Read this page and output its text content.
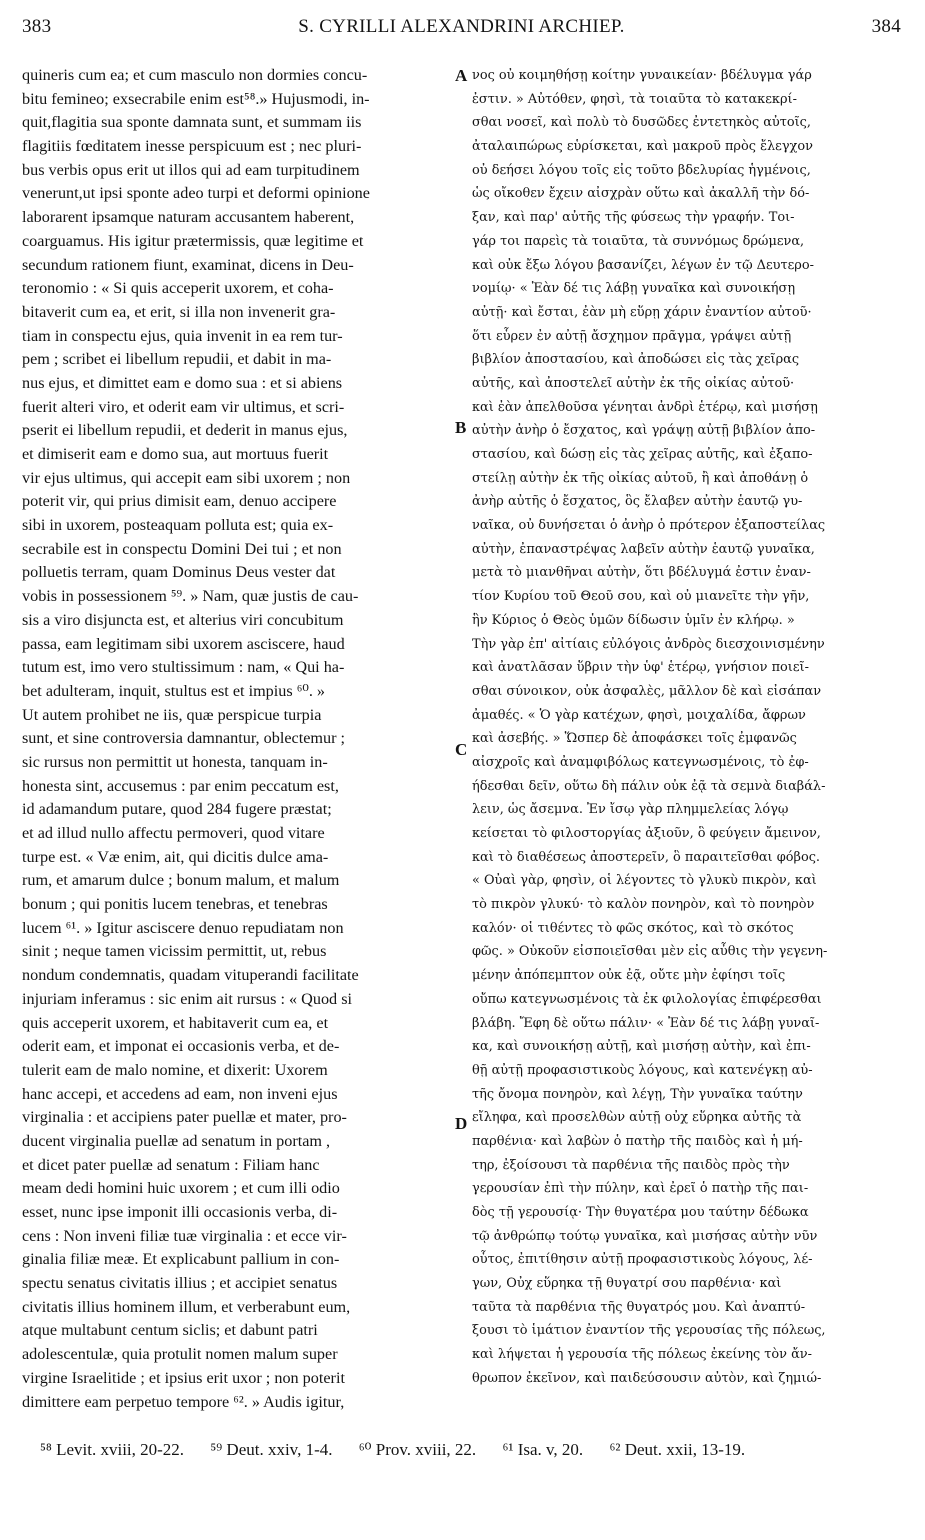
383	S. CYRILLI ALEXANDRINI ARCHIEP.	384
quineris cum ea; et cum masculo non dormies concu-
bitu femineo; exsecrabile enim est⁵⁸.» Hujusmodi, in-
quit,flagitia sua sponte damnata sunt, et summam iis
flagitiis fœditatem inesse perspicuum est ; nec pluri-
bus verbis opus erit ut illos qui ad eam turpitudinem
venerunt,ut ipsi sponte adeo turpi et deformi opinione
laborarent ipsamque naturam accusantem haberent,
coarguamus. His igitur prætermissis, quæ legitime et
secundum rationem fiunt, examinat, dicens in Deu-
teronomio : « Si quis acceperit uxorem, et coha-
bitaverit cum ea, et erit, si illa non invenerit gra-
tiam in conspectu ejus, quia invenit in ea rem tur-
pem ; scribet ei libellum repudii, et dabit in ma-
nus ejus, et dimittet eam e domo sua : et si abiens
fuerit alteri viro, et oderit eam vir ultimus, et scri-
pserit ei libellum repudii, et dederit in manus ejus,
et dimiserit eam e domo sua, aut mortuus fuerit
vir ejus ultimus, qui accepit eam sibi uxorem ; non
poterit vir, qui prius dimisit eam, denuo accipere
sibi in uxorem, posteaquam polluta est; quia ex-
secrabile est in conspectu Domini Dei tui ; et non
polluetis terram, quam Dominus Deus vester dat
vobis in possessionem ⁵⁹. » Nam, quæ justis de cau-
sis a viro disjuncta est, et alterius viri concubitum
passa, eam legitimam sibi uxorem asciscere, haud
tutum est, imo vero stultissimum : nam, « Qui ha-
bet adulteram, inquit, stultus est et impius ⁶⁰. »
Ut autem prohibet ne iis, quæ perspicue turpia
sunt, et sine controversia damnantur, oblectemur ;
sic rursus non permittit ut honesta, tanquam in-
honesta sint, accusemus : par enim peccatum est,
id adamandum putare, quod 284 fugere præstat;
et ad illud nullo affectu permoveri, quod vitare
turpe est. « Væ enim, ait, qui dicitis dulce ama-
rum, et amarum dulce ; bonum malum, et malum
bonum ; qui ponitis lucem tenebras, et tenebras
lucem ⁶¹. » Igitur asciscere denuo repudiatam non
sinit ; neque tamen vicissim permittit, ut, rebus
nondum condemnatis, quadam vituperandi facilitate
injuriam inferamus : sic enim ait rursus : « Quod si
quis acceperit uxorem, et habitaverit cum ea, et
oderit eam, et imponat ei occasionis verba, et de-
tulerit eam de malo nomine, et dixerit: Uxorem
hanc accepi, et accedens ad eam, non inveni ejus
virginalia : et accipiens pater puellæ et mater, pro-
ducent virginalia puellæ ad senatum in portam ,
et dicet pater puellæ ad senatum : Filiam hanc
meam dedi homini huic uxorem ; et cum illi odio
esset, nunc ipse imponit illi occasionis verba, di-
cens : Non inveni filiæ tuæ virginalia : et ecce vir-
ginalia filiæ meæ. Et explicabunt pallium in con-
spectu senatus civitatis illius ; et accipiet senatus
civitatis illius hominem illum, et verberabunt eum,
atque multabunt centum siclis; et dabunt patri
adolescentulæ, quia protulit nomen malum super
virgine Israelitide ; et ipsius erit uxor ; non poterit
dimittere eam perpetuo tempore ⁶². » Audis igitur,
νος οὐ κοιμηθήσῃ κοίτην γυναικείαν· βδέλυγμα γάρ
ἐστιν. » Αὐτόθεν, φησὶ, τὰ τοιαῦτα τὸ κατακεκρί-
σθαι νοσεῖ, καὶ πολὺ τὸ δυσῶδες ἐντετηκὸς αὐτοῖς,
ἀταλαιπώρως εὑρίσκεται, καὶ μακροῦ πρὸς ἔλεγχον
οὐ δεήσει λόγου τοῖς εἰς τοῦτο βδελυρίας ἡγμένοις,
ὡς οἴκοθεν ἔχειν αἰσχρὰν οὕτω καὶ ἀκαλλῆ τὴν δό-
ξαν, καὶ παρ' αὐτῆς τῆς φύσεως τὴν γραφήν. Τοι-
γάρ τοι παρεὶς τὰ τοιαῦτα, τὰ συννόμως δρώμενα,
καὶ οὐκ ἔξω λόγου βασανίζει, λέγων ἐν τῷ Δευτερο-
νομίῳ· « Ἐὰν δέ τις λάβῃ γυναῖκα καὶ συνοικήσῃ
αὐτῇ· καὶ ἔσται, ἐὰν μὴ εὕρῃ χάριν ἐναντίον αὐτοῦ·
ὅτι εὗρεν ἐν αὐτῇ ἄσχημον πρᾶγμα, γράψει αὐτῇ
βιβλίον ἀποστασίου, καὶ ἀποδώσει εἰς τὰς χεῖρας
αὐτῆς, καὶ ἀποστελεῖ αὐτὴν ἐκ τῆς οἰκίας αὐτοῦ·
καὶ ἐὰν ἀπελθοῦσα γένηται ἀνδρὶ ἑτέρῳ, καὶ μισήσῃ
αὐτὴν ἀνὴρ ὁ ἔσχατος, καὶ γράψῃ αὐτῇ βιβλίον ἀπο-
στασίου, καὶ δώσῃ εἰς τὰς χεῖρας αὐτῆς, καὶ ἐξαπο-
στείλῃ αὐτὴν ἐκ τῆς οἰκίας αὐτοῦ, ἢ καὶ ἀποθάνῃ ὁ
ἀνὴρ αὐτῆς ὁ ἔσχατος, ὃς ἔλαβεν αὐτὴν ἑαυτῷ γυ-
ναῖκα, οὐ δυνήσεται ὁ ἀνὴρ ὁ πρότερον ἐξαποστείλας
αὐτὴν, ἐπαναστρέψας λαβεῖν αὐτὴν ἑαυτῷ γυναῖκα,
μετὰ τὸ μιανθῆναι αὐτὴν, ὅτι βδέλυγμά ἐστιν ἐναν-
τίον Κυρίου τοῦ Θεοῦ σου, καὶ οὐ μιανεῖτε τὴν γῆν,
ἣν Κύριος ὁ Θεὸς ὑμῶν δίδωσιν ὑμῖν ἐν κλήρῳ. »
Τὴν γὰρ ἐπ' αἰτίαις εὐλόγοις ἀνδρὸς διεσχοινισμένην
καὶ ἀνατλᾶσαν ὕβριν τὴν ὑφ' ἑτέρῳ, γνήσιον ποιεῖ-
σθαι σύνοικον, οὐκ ἀσφαλὲς, μᾶλλον δὲ καὶ εἰσάπαν
ἀμαθές. « Ὁ γὰρ κατέχων, φησὶ, μοιχαλίδα, ἄφρων
καὶ ἀσεβής. » Ὥσπερ δὲ ἀποφάσκει τοῖς ἐμφανῶς
αἰσχροῖς καὶ ἀναμφιβόλως κατεγνωσμένοις, τὸ ἐφ-
ήδεσθαι δεῖν, οὕτω δὴ πάλιν οὐκ ἐᾷ τὰ σεμνὰ διαβάλ-
λειν, ὡς ἄσεμνα. Ἐν ἴσῳ γὰρ πλημμελείας λόγῳ
κείσεται τὸ φιλοστοργίας ἀξιοῦν, ὃ φεύγειν ἄμεινον,
καὶ τὸ διαθέσεως ἀποστερεῖν, ὃ παραιτεῖσθαι φόβος.
« Οὐαὶ γὰρ, φησὶν, οἱ λέγοντες τὸ γλυκὺ πικρὸν, καὶ
τὸ πικρὸν γλυκύ· τὸ καλὸν πονηρὸν, καὶ τὸ πονηρὸν
καλόν· οἱ τιθέντες τὸ φῶς σκότος, καὶ τὸ σκότος
φῶς. » Οὐκοῦν εἰσποιεῖσθαι μὲν εἰς αὖθις τὴν γεγενη-
μένην ἀπόπεμπτον οὐκ ἐᾷ, οὔτε μὴν ἐφίησι τοῖς
οὔπω κατεγνωσμένοις τὰ ἐκ φιλολογίας ἐπιφέρεσθαι
βλάβη. Ἔφη δὲ οὕτω πάλιν· « Ἐὰν δέ τις λάβῃ γυναῖ-
κα, καὶ συνοικήσῃ αὐτῇ, καὶ μισήσῃ αὐτὴν, καὶ ἐπι-
θῇ αὐτῇ προφασιστικοὺς λόγους, καὶ κατενέγκῃ αὐ-
τῆς ὄνομα πονηρὸν, καὶ λέγῃ, Τὴν γυναῖκα ταύτην
εἴληφα, καὶ προσελθὼν αὐτῇ οὐχ εὕρηκα αὐτῆς τὰ
παρθένια· καὶ λαβὼν ὁ πατὴρ τῆς παιδὸς καὶ ἡ μή-
τηρ, ἐξοίσουσι τὰ παρθένια τῆς παιδὸς πρὸς τὴν
γερουσίαν ἐπὶ τὴν πύλην, καὶ ἐρεῖ ὁ πατὴρ τῆς παι-
δὸς τῇ γερουσίᾳ· Τὴν θυγατέρα μου ταύτην δέδωκα
τῷ ἀνθρώπῳ τούτῳ γυναῖκα, καὶ μισήσας αὐτὴν νῦν
οὗτος, ἐπιτίθησιν αὐτῇ προφασιστικοὺς λόγους, λέ-
γων, Οὐχ εὕρηκα τῇ θυγατρί σου παρθένια· καὶ
ταῦτα τὰ παρθένια τῆς θυγατρός μου. Καὶ ἀναπτύ-
ξουσι τὸ ἱμάτιον ἐναντίον τῆς γερουσίας τῆς πόλεως,
καὶ λήψεται ἡ γερουσία τῆς πόλεως ἐκείνης τὸν ἄν-
θρωπον ἐκεῖνον, καὶ παιδεύσουσιν αὐτὸν, καὶ ζημιώ-
A
B
C
D
⁵⁸ Levit. xviii, 20-22. ⁵⁹ Deut. xxiv, 1-4. ⁶⁰ Prov. xviii, 22. ⁶¹ Isa. v, 20. ⁶² Deut. xxii, 13-19.
